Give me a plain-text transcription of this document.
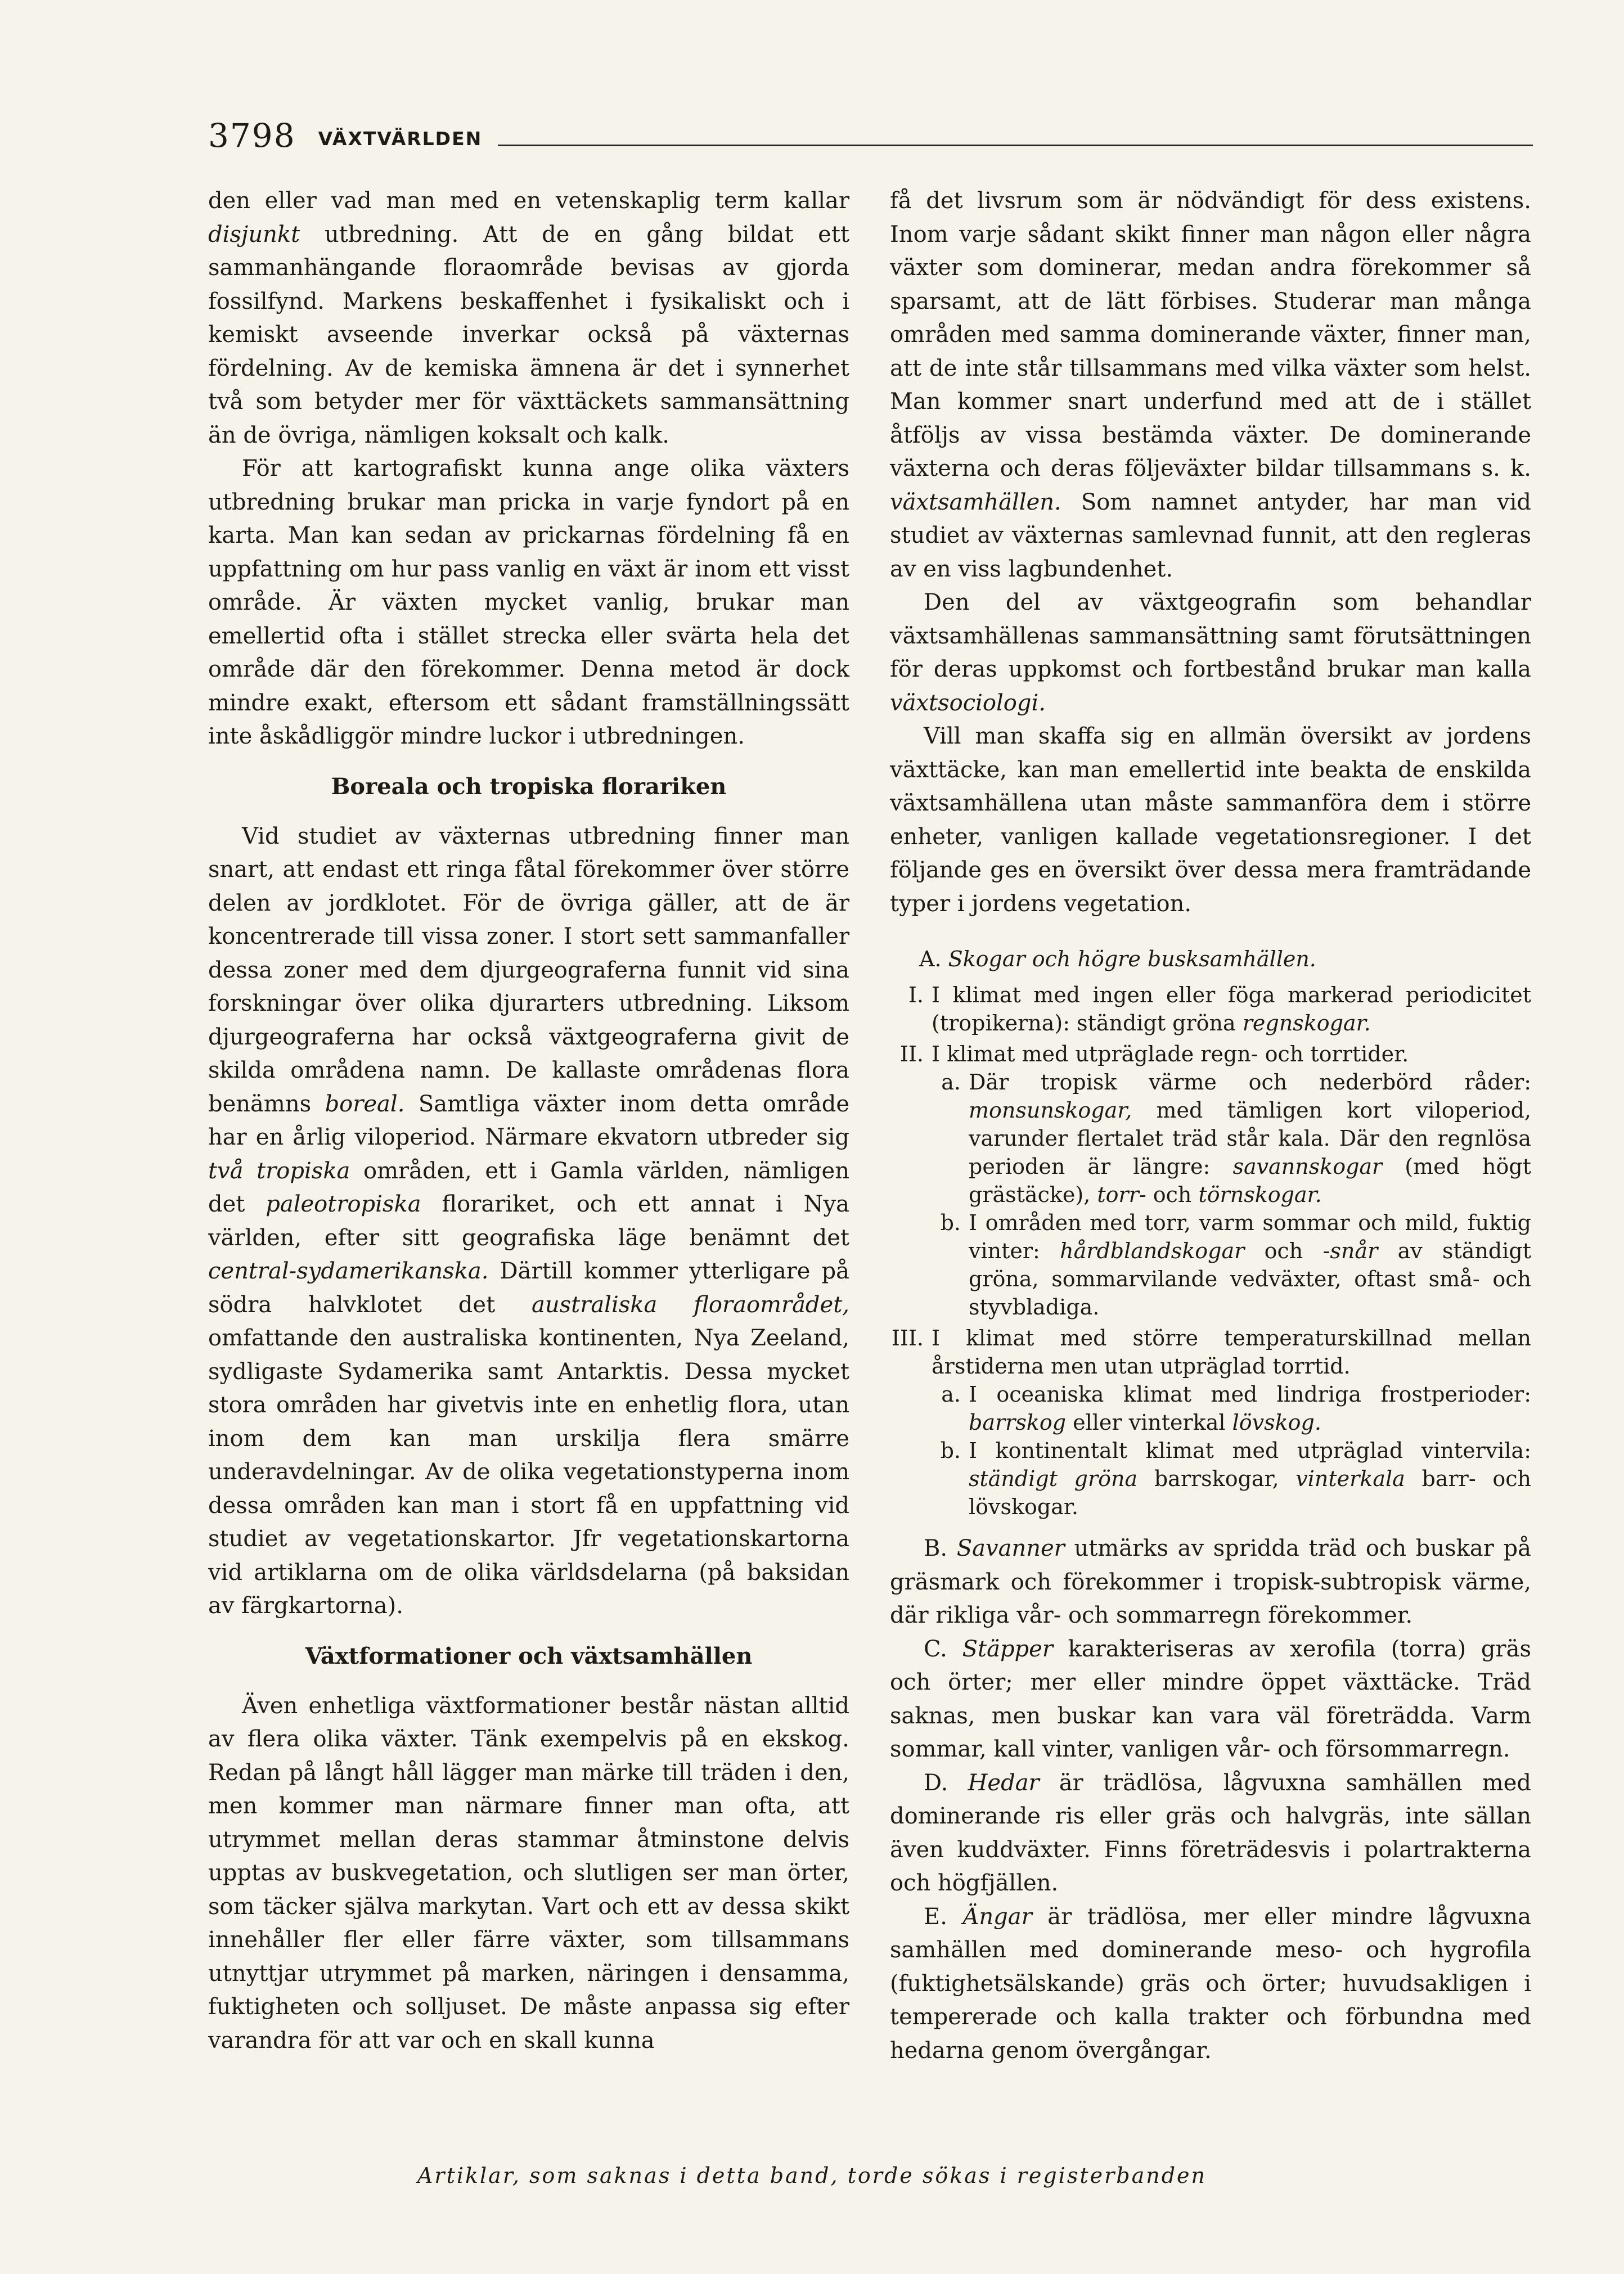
3798 VÄXTVÄRLDEN

den eller vad man med en vetenskaplig term kallar disjunkt utbredning. Att de en gång bildat ett sammanhängande floraområde bevisas av gjorda fossilfynd. Markens beskaffenhet i fysikaliskt och i kemiskt avseende inverkar också på växternas fördelning. Av de kemiska ämnena är det i synnerhet två som betyder mer för växttäckets sammansättning än de övriga, nämligen koksalt och kalk.

För att kartografiskt kunna ange olika växters utbredning brukar man pricka in varje fyndort på en karta. Man kan sedan av prickarnas fördelning få en uppfattning om hur pass vanlig en växt är inom ett visst område. Är växten mycket vanlig, brukar man emellertid ofta i stället strecka eller svärta hela det område där den förekommer. Denna metod är dock mindre exakt, eftersom ett sådant framställningssätt inte åskådliggör mindre luckor i utbredningen.

Boreala och tropiska florariken

Vid studiet av växternas utbredning finner man snart, att endast ett ringa fåtal förekommer över större delen av jordklotet. För de övriga gäller, att de är koncentrerade till vissa zoner. I stort sett sammanfaller dessa zoner med dem djurgeograferna funnit vid sina forskningar över olika djurarters utbredning. Liksom djurgeograferna har också växtgeograferna givit de skilda områdena namn. De kallaste områdenas flora benämns boreal. Samtliga växter inom detta område har en årlig viloperiod. Närmare ekvatorn utbreder sig två tropiska områden, ett i Gamla världen, nämligen det paleotropiska florariket, och ett annat i Nya världen, efter sitt geografiska läge benämnt det central-sydamerikanska. Därtill kommer ytterligare på södra halvklotet det australiska floraområdet, omfattande den australiska kontinenten, Nya Zeeland, sydligaste Sydamerika samt Antarktis. Dessa mycket stora områden har givetvis inte en enhetlig flora, utan inom dem kan man urskilja flera smärre underavdelningar. Av de olika vegetationstyperna inom dessa områden kan man i stort få en uppfattning vid studiet av vegetationskartor. Jfr vegetationskartorna vid artiklarna om de olika världsdelarna (på baksidan av färgkartorna).

Växtformationer och växtsamhällen

Även enhetliga växtformationer består nästan alltid av flera olika växter. Tänk exempelvis på en ekskog. Redan på långt håll lägger man märke till träden i den, men kommer man närmare finner man ofta, att utrymmet mellan deras stammar åtminstone delvis upptas av buskvegetation, och slutligen ser man örter, som täcker själva markytan. Vart och ett av dessa skikt innehåller fler eller färre växter, som tillsammans utnyttjar utrymmet på marken, näringen i densamma, fuktigheten och solljuset. De måste anpassa sig efter varandra för att var och en skall kunna

få det livsrum som är nödvändigt för dess existens. Inom varje sådant skikt finner man någon eller några växter som dominerar, medan andra förekommer så sparsamt, att de lätt förbises. Studerar man många områden med samma dominerande växter, finner man, att de inte står tillsammans med vilka växter som helst. Man kommer snart underfund med att de i stället åtföljs av vissa bestämda växter. De dominerande växterna och deras följeväxter bildar tillsammans s. k. växtsamhällen. Som namnet antyder, har man vid studiet av växternas samlevnad funnit, att den regleras av en viss lagbundenhet.

Den del av växtgeografin som behandlar växtsamhällenas sammansättning samt förutsättningen för deras uppkomst och fortbestånd brukar man kalla växtsociologi.

Vill man skaffa sig en allmän översikt av jordens växttäcke, kan man emellertid inte beakta de enskilda växtsamhällena utan måste sammanföra dem i större enheter, vanligen kallade vegetationsregioner. I det följande ges en översikt över dessa mera framträdande typer i jordens vegetation.

A. Skogar och högre busksamhällen.
I. I klimat med ingen eller föga markerad periodicitet (tropikerna): ständigt gröna regnskogar.
II. I klimat med utpräglade regn- och torrtider.
a. Där tropisk värme och nederbörd råder: monsunskogar, med tämligen kort viloperiod, varunder flertalet träd står kala. Där den regnlösa perioden är längre: savannskogar (med högt grästäcke), torr- och törnskogar.
b. I områden med torr, varm sommar och mild, fuktig vinter: hårdblandskogar och -snår av ständigt gröna, sommarvilande vedväxter, oftast små- och styvbladiga.
III. I klimat med större temperaturskillnad mellan årstiderna men utan utpräglad torrtid.
a. I oceaniska klimat med lindriga frostperioder: barrskog eller vinterkal lövskog.
b. I kontinentalt klimat med utpräglad vintervila: ständigt gröna barrskogar, vinterkala barr- och lövskogar.

B. Savanner utmärks av spridda träd och buskar på gräsmark och förekommer i tropisk-subtropisk värme, där rikliga vår- och sommarregn förekommer.

C. Stäpper karakteriseras av xerofila (torra) gräs och örter; mer eller mindre öppet växttäcke. Träd saknas, men buskar kan vara väl företrädda. Varm sommar, kall vinter, vanligen vår- och försommarregn.

D. Hedar är trädlösa, lågvuxna samhällen med dominerande ris eller gräs och halvgräs, inte sällan även kuddväxter. Finns företrädesvis i polartrakterna och högfjällen.

E. Ängar är trädlösa, mer eller mindre lågvuxna samhällen med dominerande meso- och hygrofila (fuktighetsälskande) gräs och örter; huvudsakligen i tempererade och kalla trakter och förbundna med hedarna genom övergångar.

Artiklar, som saknas i detta band, torde sökas i registerbanden
